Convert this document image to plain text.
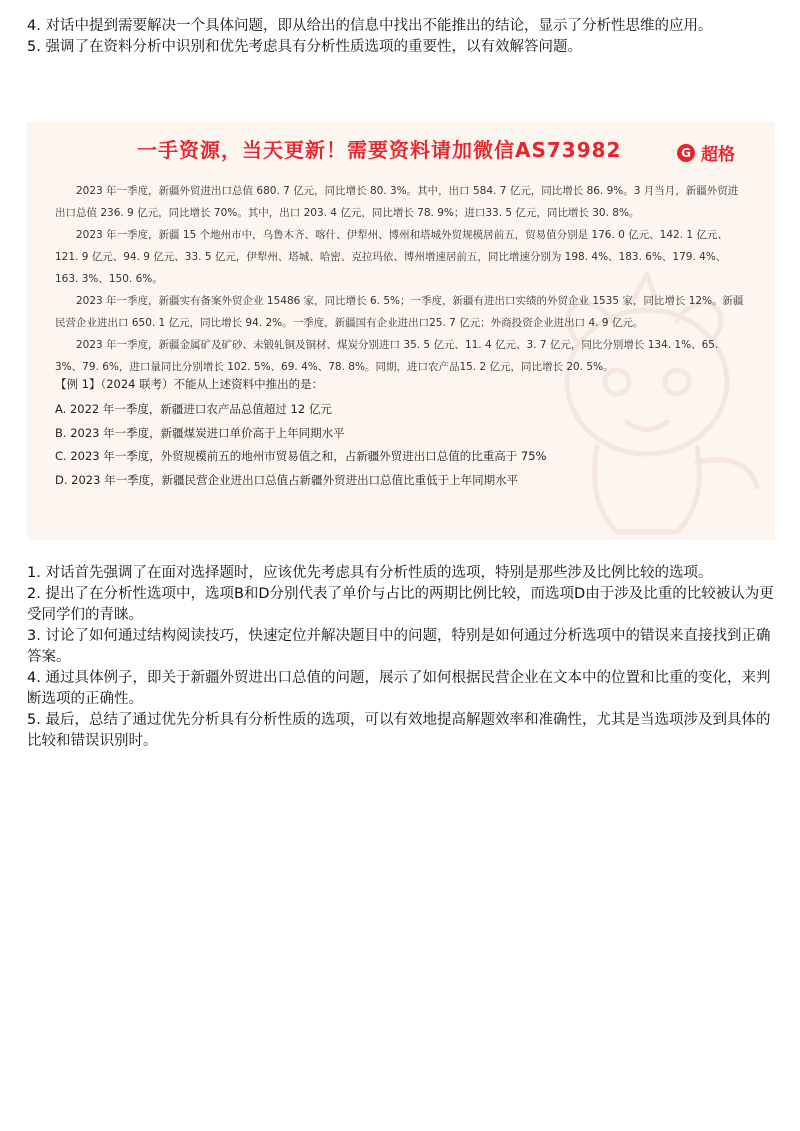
4. 对话中提到需要解决一个具体问题，即从给出的信息中找出不能推出的结论，显示了分析性思维的应用。

5. 强调了在资料分析中识别和优先考虑具有分析性质选项的重要性，以有效解答问题。

一手资源，当天更新！需要资料请加微信AS73982	G 超格

2023 年一季度，新疆外贸进出口总值 680. 7 亿元，同比增长 80. 3%。其中，出口 584. 7 亿元，同比增长 86. 9%。3 月当月，新疆外贸进出口总值 236. 9 亿元，同比增长 70%。其中，出口 203. 4 亿元，同比增长 78. 9%；进口33. 5 亿元，同比增长 30. 8%。

2023 年一季度，新疆 15 个地州市中，乌鲁木齐、喀什、伊犁州、博州和塔城外贸规模居前五，贸易值分别是 176. 0 亿元、142. 1 亿元、121. 9 亿元、94. 9 亿元、33. 5 亿元，伊犁州、塔城、哈密、克拉玛依、博州增速居前五，同比增速分别为 198. 4%、183. 6%、179. 4%、163. 3%、150. 6%。

2023 年一季度，新疆实有备案外贸企业 15486 家，同比增长 6. 5%；一季度，新疆有进出口实绩的外贸企业 1535 家，同比增长 12%。新疆民营企业进出口 650. 1 亿元，同比增长 94. 2%。一季度，新疆国有企业进出口25. 7 亿元；外商投资企业进出口 4. 9 亿元。

2023 年一季度，新疆金属矿及矿砂、未锻轧铜及铜材、煤炭分别进口 35. 5 亿元、11. 4 亿元、3. 7 亿元，同比分别增长 134. 1%、65. 3%、79. 6%，进口量同比分别增长 102. 5%、69. 4%、78. 8%。同期，进口农产品15. 2 亿元，同比增长 20. 5%。

【例 1】（2024 联考）不能从上述资料中推出的是：

A. 2022 年一季度，新疆进口农产品总值超过 12 亿元

B. 2023 年一季度，新疆煤炭进口单价高于上年同期水平

C. 2023 年一季度，外贸规模前五的地州市贸易值之和，占新疆外贸进出口总值的比重高于 75%

D. 2023 年一季度，新疆民营企业进出口总值占新疆外贸进出口总值比重低于上年同期水平

1. 对话首先强调了在面对选择题时，应该优先考虑具有分析性质的选项，特别是那些涉及比例比较的选项。

2. 提出了在分析性选项中，选项B和D分别代表了单价与占比的两期比例比较，而选项D由于涉及比重的比较被认为更受同学们的青睐。

3. 讨论了如何通过结构阅读技巧，快速定位并解决题目中的问题，特别是如何通过分析选项中的错误来直接找到正确答案。

4. 通过具体例子，即关于新疆外贸进出口总值的问题，展示了如何根据民营企业在文本中的位置和比重的变化，来判断选项的正确性。

5. 最后，总结了通过优先分析具有分析性质的选项，可以有效地提高解题效率和准确性，尤其是当选项涉及到具体的比较和错误识别时。
